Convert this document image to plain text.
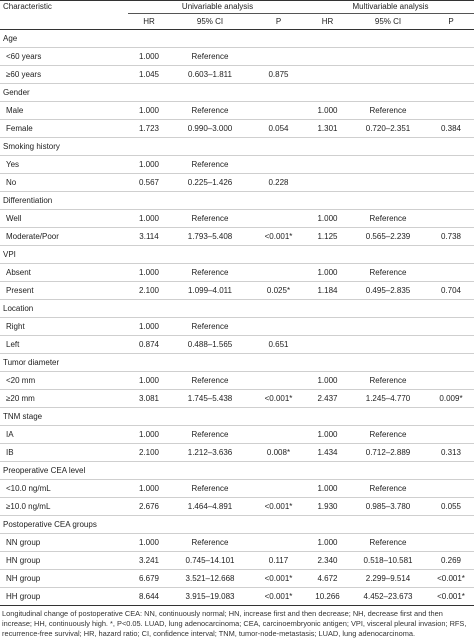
Characteristic	Univariable analysis			Multivariable analysis		
	HR	95% CI	P	HR	95% CI	P
Age						
<60 years	1.000	Reference				
≥60 years	1.045	0.603–1.811	0.875			
Gender						
Male	1.000	Reference		1.000	Reference	
Female	1.723	0.990–3.000	0.054	1.301	0.720–2.351	0.384
Smoking history						
Yes	1.000	Reference				
No	0.567	0.225–1.426	0.228			
Differentiation						
Well	1.000	Reference		1.000	Reference	
Moderate/Poor	3.114	1.793–5.408	<0.001*	1.125	0.565–2.239	0.738
VPI						
Absent	1.000	Reference		1.000	Reference	
Present	2.100	1.099–4.011	0.025*	1.184	0.495–2.835	0.704
Location						
Right	1.000	Reference				
Left	0.874	0.488–1.565	0.651			
Tumor diameter						
<20 mm	1.000	Reference		1.000	Reference	
≥20 mm	3.081	1.745–5.438	<0.001*	2.437	1.245–4.770	0.009*
TNM stage						
IA	1.000	Reference		1.000	Reference	
IB	2.100	1.212–3.636	0.008*	1.434	0.712–2.889	0.313
Preoperative CEA level						
<10.0 ng/mL	1.000	Reference		1.000	Reference	
≥10.0 ng/mL	2.676	1.464–4.891	<0.001*	1.930	0.985–3.780	0.055
Postoperative CEA groups						
NN group	1.000	Reference		1.000	Reference	
HN group	3.241	0.745–14.101	0.117	2.340	0.518–10.581	0.269
NH group	6.679	3.521–12.668	<0.001*	4.672	2.299–9.514	<0.001*
HH group	8.644	3.915–19.083	<0.001*	10.266	4.452–23.673	<0.001*
Longitudinal change of postoperative CEA: NN, continuously normal; HN, increase first and then decrease; NH, decrease first and then increase; HH, continuously high. *, P<0.05. LUAD, lung adenocarcinoma; CEA, carcinoembryonic antigen; VPI, visceral pleural invasion; RFS, recurrence-free survival; HR, hazard ratio; CI, confidence interval; TNM, tumor-node-metastasis; LUAD, lung adenocarcinoma.
